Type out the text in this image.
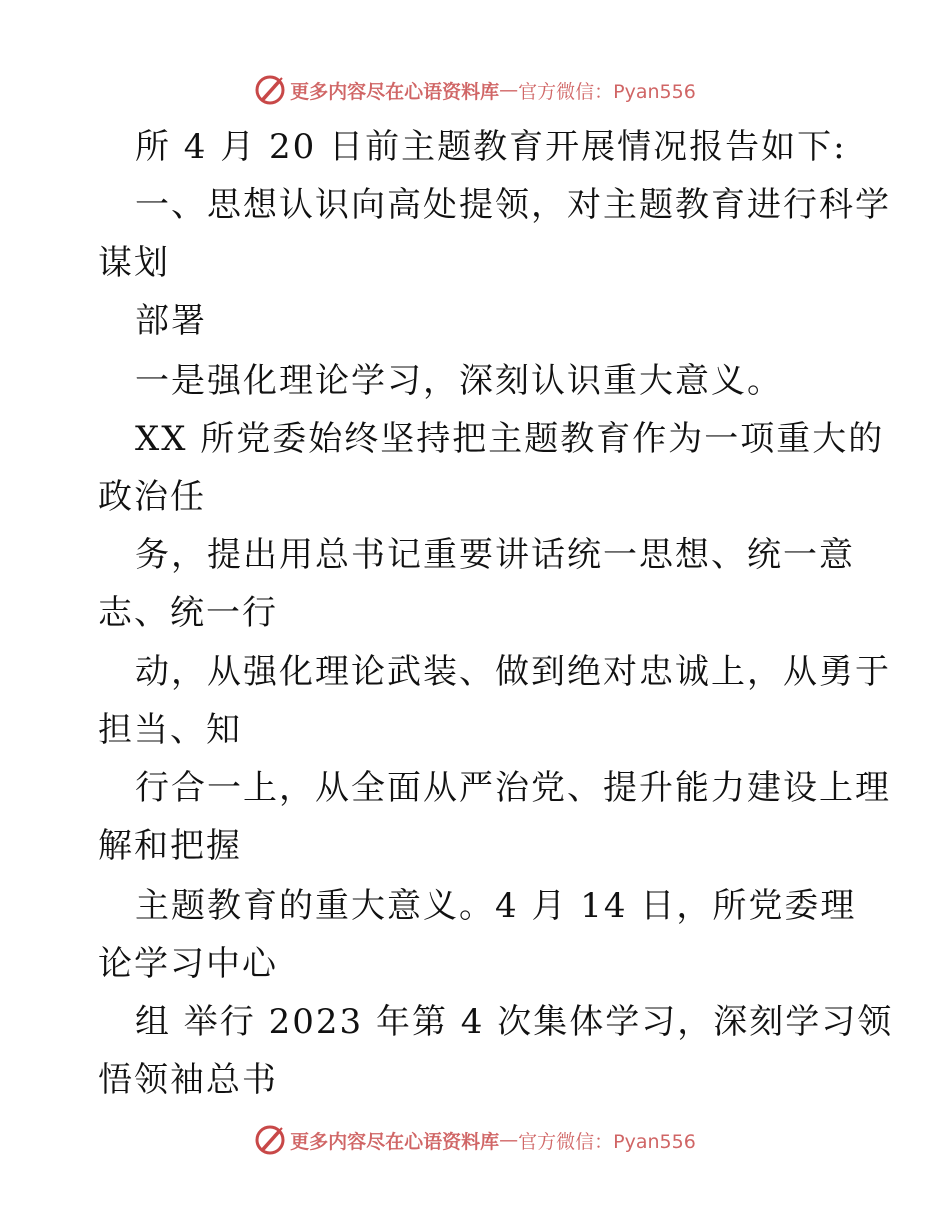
更多内容尽在心语资料库 — 官方微信：Pyan556
所 4 月 20 日前主题教育开展情况报告如下:
一、思想认识向高处提领，对主题教育进行科学
谋划
部署
一是强化理论学习，深刻认识重大意义。
XX 所党委始终坚持把主题教育作为一项重大的
政治任
务，提出用总书记重要讲话统一思想、统一意
志、统一行
动，从强化理论武装、做到绝对忠诚上，从勇于
担当、知
行合一上，从全面从严治党、提升能力建设上理
解和把握
主题教育的重大意义。4 月 14 日，所党委理
论学习中心
组 举行 2023 年第 4 次集体学习，深刻学习领
悟领袖总书
更多内容尽在心语资料库 — 官方微信：Pyan556
